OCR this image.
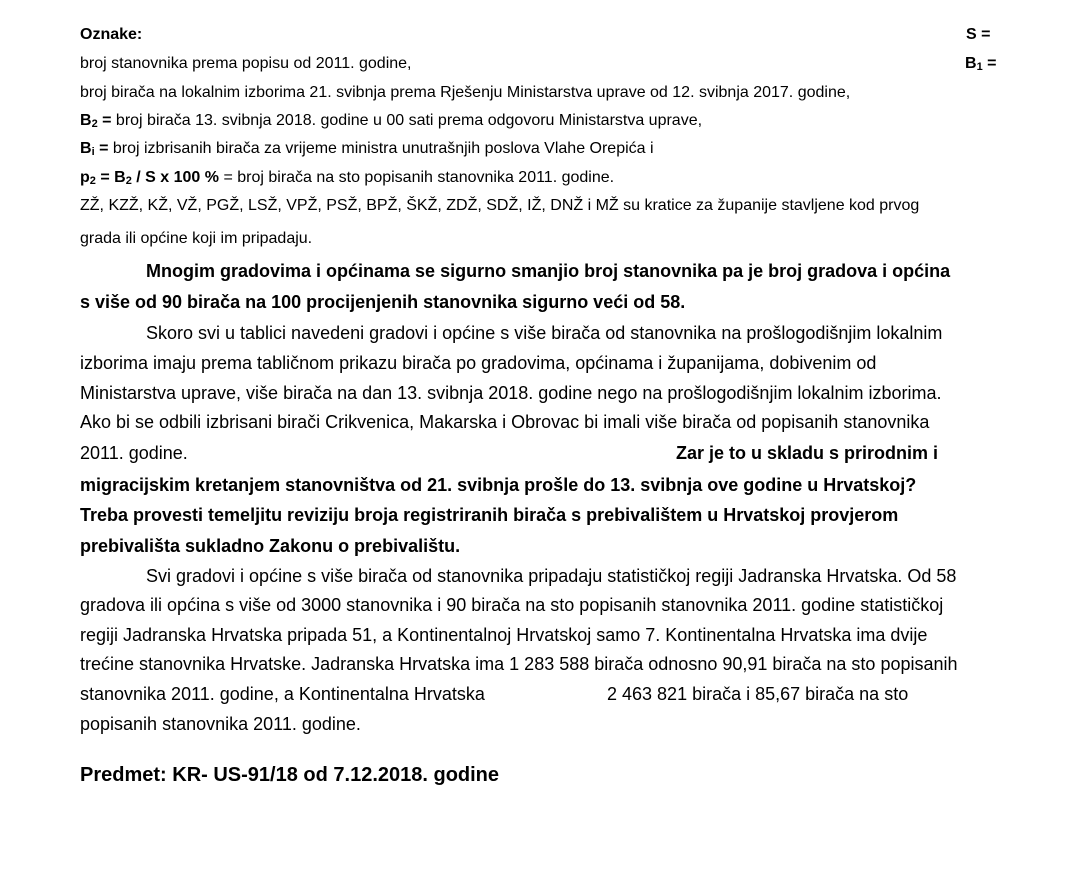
Oznake:	S =
broj stanovnika prema popisu od 2011. godine,	B1 =
broj birača na lokalnim izborima 21. svibnja prema Rješenju Ministarstva uprave od 12. svibnja 2017. godine,
B2 = broj birača 13. svibnja 2018. godine u 00 sati prema odgovoru Ministarstva uprave,
Bi = broj izbrisanih birača za vrijeme ministra unutrašnjih poslova Vlahe Orepića i
p2 = B2 / S x 100 % = broj birača na sto popisanih stanovnika 2011. godine.
ZŽ, KZŽ, KŽ, VŽ, PGŽ, LSŽ, VPŽ, PSŽ, BPŽ, ŠKŽ, ZDŽ, SDŽ, IŽ, DNŽ i MŽ su kratice za županije stavljene kod prvog
grada ili općine koji im pripadaju.
Mnogim gradovima i općinama se sigurno smanjio broj stanovnika pa je broj gradova i općina
s više od 90 birača na 100 procijenjenih stanovnika sigurno veći od 58.
Skoro svi u tablici navedeni gradovi i općine s više birača od stanovnika na prošlogodišnjim lokalnim
izborima imaju prema tabličnom prikazu birača po gradovima, općinama i županijama, dobivenim od
Ministarstva uprave, više birača na dan 13. svibnja 2018. godine nego na prošlogodišnjim lokalnim izborima.
Ako bi se odbili izbrisani birači Crikvenica, Makarska i Obrovac bi imali više birača od popisanih stanovnika
2011. godine.	Zar je to u skladu s prirodnim i
migracijskim kretanjem stanovništva od 21. svibnja prošle do 13. svibnja ove godine u Hrvatskoj?
Treba provesti temeljitu reviziju broja registriranih birača s prebivalištem u Hrvatskoj provjerom
prebivališta sukladno Zakonu o prebivalištu.
Svi gradovi i općine s više birača od stanovnika pripadaju statističkoj regiji Jadranska Hrvatska. Od 58
gradova ili općina s više od 3000 stanovnika i 90 birača na sto popisanih stanovnika 2011. godine statističkoj
regiji Jadranska Hrvatska pripada 51, a Kontinentalnoj Hrvatskoj samo 7. Kontinentalna Hrvatska ima dvije
trećine stanovnika Hrvatske. Jadranska Hrvatska ima 1 283 588 birača odnosno 90,91 birača na sto popisanih
stanovnika 2011. godine, a Kontinentalna Hrvatska	2 463 821 birača i 85,67 birača na sto
popisanih stanovnika 2011. godine.
Predmet: KR- US-91/18 od 7.12.2018. godine
